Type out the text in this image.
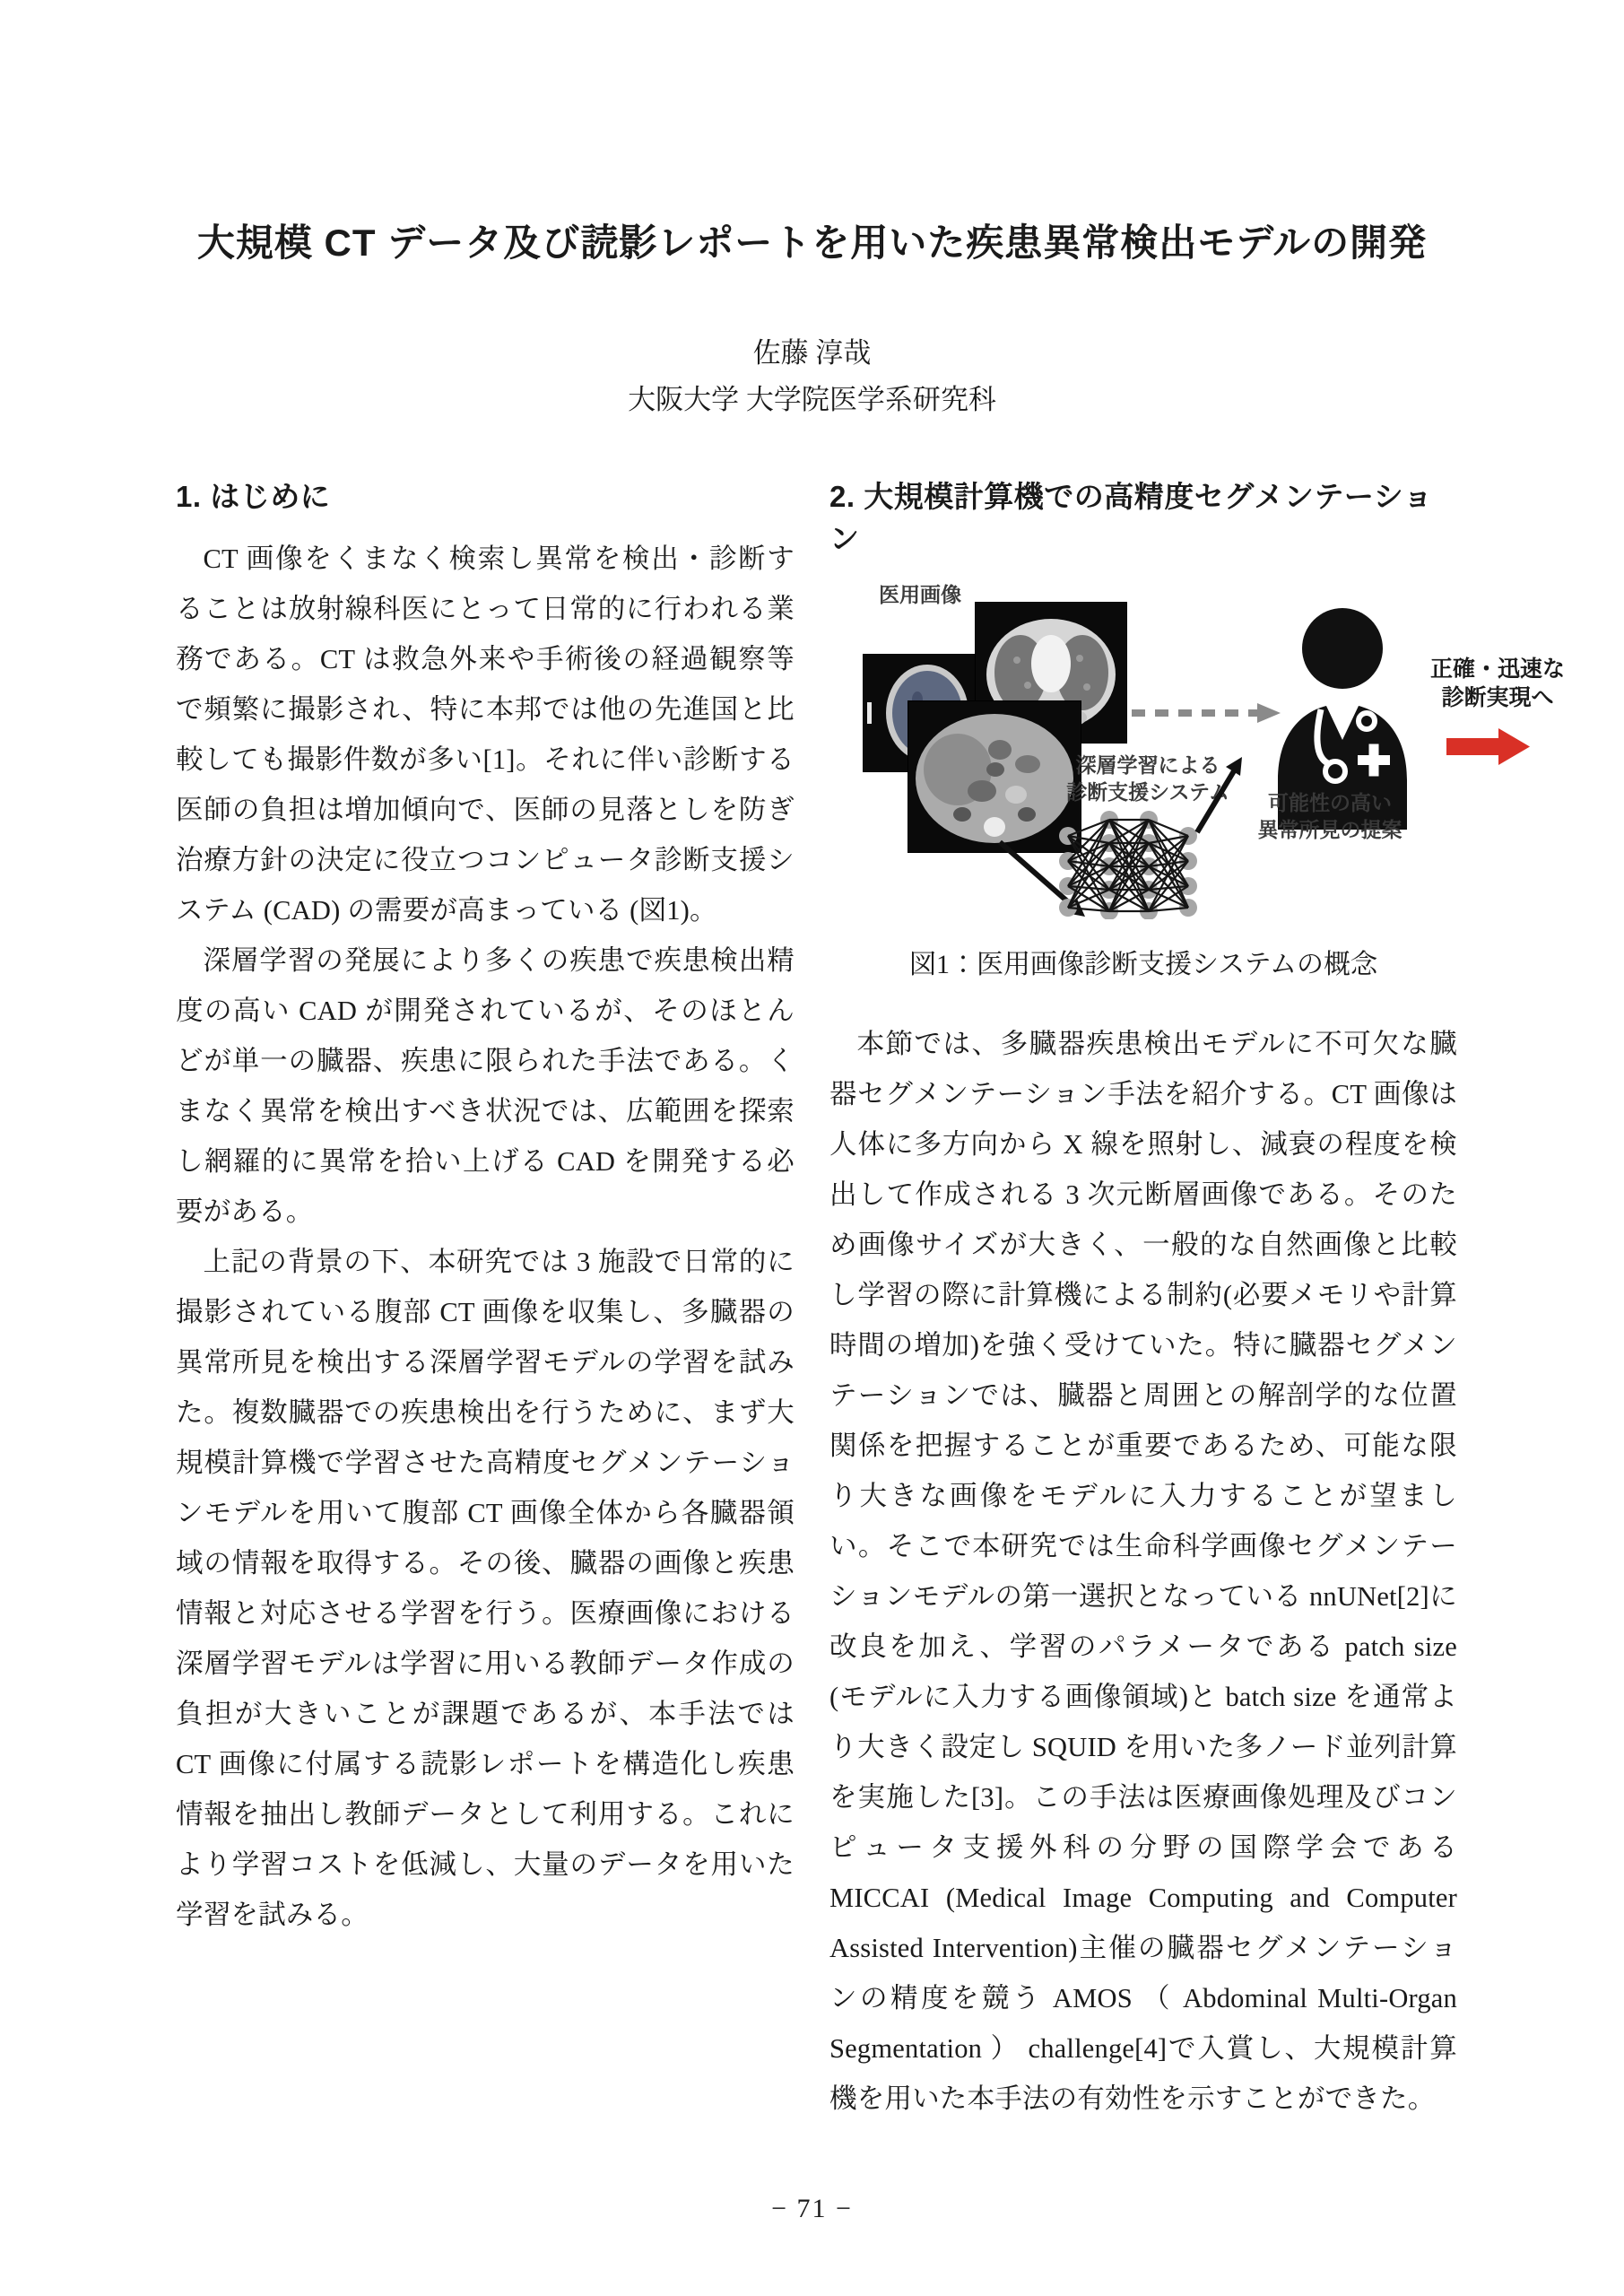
大規模 CT データ及び読影レポートを用いた疾患異常検出モデルの開発
佐藤 淳哉
大阪大学 大学院医学系研究科
1. はじめに

CT 画像をくまなく検索し異常を検出・診断することは放射線科医にとって日常的に行われる業務である。CT は救急外来や手術後の経過観察等で頻繁に撮影され、特に本邦では他の先進国と比較しても撮影件数が多い[1]。それに伴い診断する医師の負担は増加傾向で、医師の見落としを防ぎ治療方針の決定に役立つコンピュータ診断支援システム (CAD) の需要が高まっている (図1)。

深層学習の発展により多くの疾患で疾患検出精度の高い CAD が開発されているが、そのほとんどが単一の臓器、疾患に限られた手法である。くまなく異常を検出すべき状況では、広範囲を探索し網羅的に異常を拾い上げる CAD を開発する必要がある。

上記の背景の下、本研究では 3 施設で日常的に撮影されている腹部 CT 画像を収集し、多臓器の異常所見を検出する深層学習モデルの学習を試みた。複数臓器での疾患検出を行うために、まず大規模計算機で学習させた高精度セグメンテーションモデルを用いて腹部 CT 画像全体から各臓器領域の情報を取得する。その後、臓器の画像と疾患情報と対応させる学習を行う。医療画像における深層学習モデルは学習に用いる教師データ作成の負担が大きいことが課題であるが、本手法では CT 画像に付属する読影レポートを構造化し疾患情報を抽出し教師データとして利用する。これにより学習コストを低減し、大量のデータを用いた学習を試みる。

2. 大規模計算機での高精度セグメンテーション
医用画像
正確・迅速な
診断実現へ
深層学習による
診断支援システム	可能性の高い
異常所見の提案

図1：医用画像診断支援システムの概念

本節では、多臓器疾患検出モデルに不可欠な臓器セグメンテーション手法を紹介する。CT 画像は人体に多方向から X 線を照射し、減衰の程度を検出して作成される 3 次元断層画像である。そのため画像サイズが大きく、一般的な自然画像と比較し学習の際に計算機による制約(必要メモリや計算時間の増加)を強く受けていた。特に臓器セグメンテーションでは、臓器と周囲との解剖学的な位置関係を把握することが重要であるため、可能な限り大きな画像をモデルに入力することが望ましい。そこで本研究では生命科学画像セグメンテーションモデルの第一選択となっている nnUNet[2]に改良を加え、学習のパラメータである patch size (モデルに入力する画像領域)と batch size を通常より大きく設定し SQUID を用いた多ノード並列計算を実施した[3]。この手法は医療画像処理及びコンピュータ支援外科の分野の国際学会である MICCAI (Medical Image Computing and Computer Assisted Intervention)主催の臓器セグメンテーションの精度を競う AMOS （ Abdominal Multi-Organ Segmentation ） challenge[4]で入賞し、大規模計算機を用いた本手法の有効性を示すことができた。

− 71 −
